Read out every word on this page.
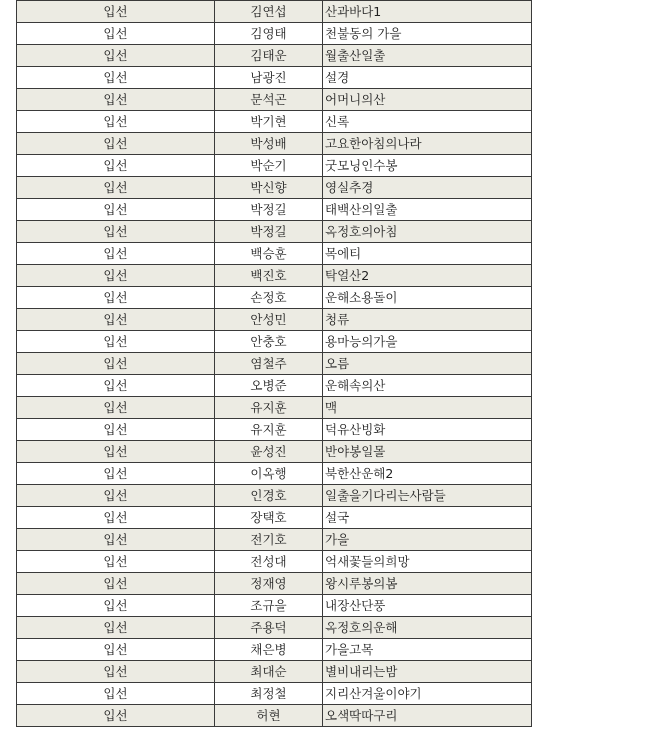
입선	김연섭	산과바다1
입선	김영태	천불동의 가을
입선	김태운	월출산일출
입선	남광진	설경
입선	문석곤	어머니의산
입선	박기현	신록
입선	박성배	고요한아침의나라
입선	박순기	굿모닝인수봉
입선	박신향	영실추경
입선	박정길	태백산의일출
입선	박정길	옥정호의아침
입선	백승훈	목에티
입선	백진호	탁얼산2
입선	손정호	운해소용돌이
입선	안성민	청류
입선	안충호	용마능의가을
입선	염철주	오름
입선	오병준	운해속의산
입선	유지훈	맥
입선	유지훈	덕유산빙화
입선	윤성진	반야봉일몰
입선	이옥행	북한산운해2
입선	인경호	일출을기다리는사람들
입선	장택호	설국
입선	전기호	가을
입선	전성대	억새꽃들의희망
입선	정재영	왕시루봉의봄
입선	조규을	내장산단풍
입선	주용덕	옥정호의운해
입선	채은병	가을고목
입선	최대순	별비내리는밤
입선	최정철	지리산겨울이야기
입선	허현	오색딱따구리
